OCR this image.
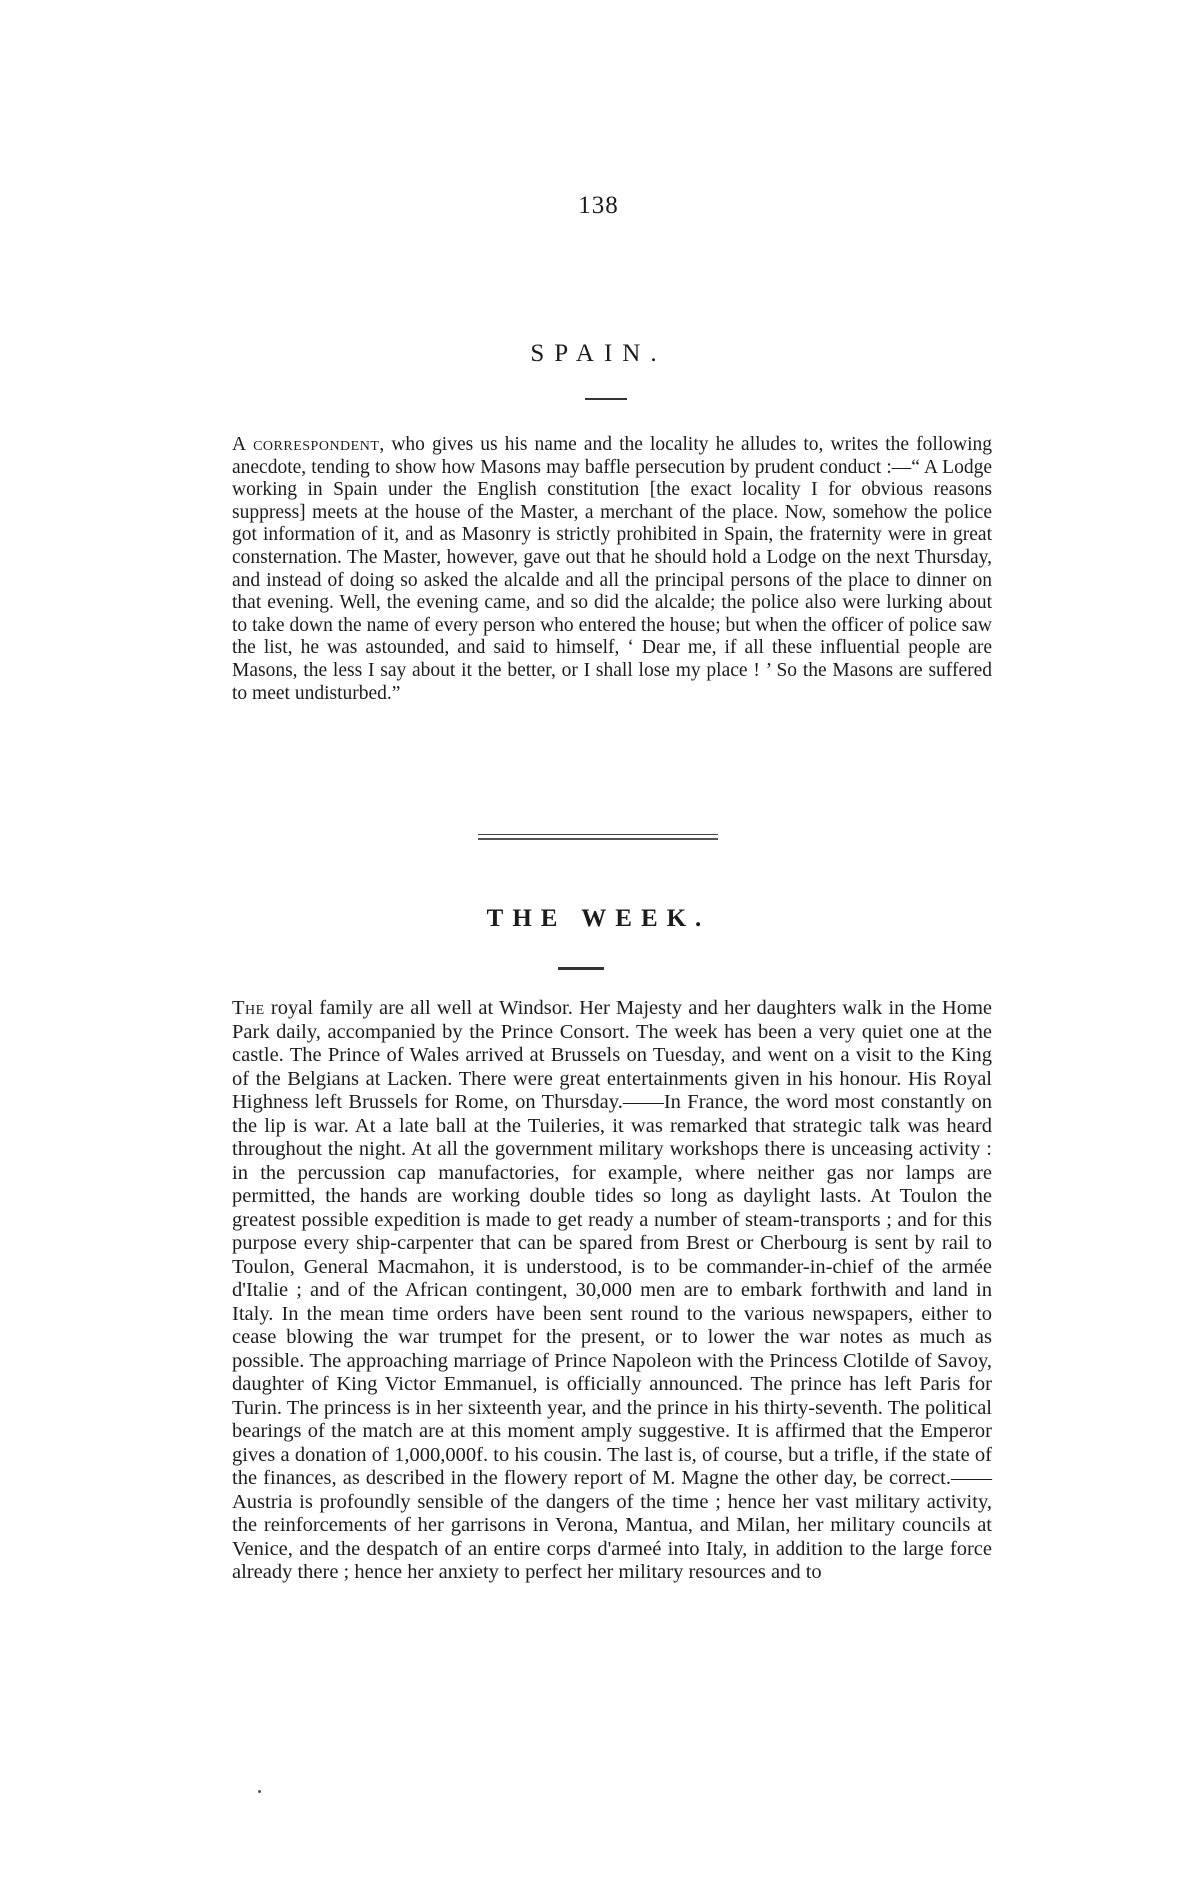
138
SPAIN.
A correspondent, who gives us his name and the locality he alludes to, writes the following anecdote, tending to show how Masons may baffle persecution by prudent conduct :—“ A Lodge working in Spain under the English constitution [the exact locality I for obvious reasons suppress] meets at the house of the Master, a merchant of the place. Now, somehow the police got information of it, and as Masonry is strictly prohibited in Spain, the fraternity were in great consternation. The Master, however, gave out that he should hold a Lodge on the next Thursday, and instead of doing so asked the alcalde and all the principal persons of the place to dinner on that evening. Well, the evening came, and so did the alcalde; the police also were lurking about to take down the name of every person who entered the house; but when the officer of police saw the list, he was astounded, and said to himself, ‘ Dear me, if all these influential people are Masons, the less I say about it the better, or I shall lose my place ! ’ So the Masons are suffered to meet undisturbed.”
THE WEEK.
The royal family are all well at Windsor. Her Majesty and her daughters walk in the Home Park daily, accompanied by the Prince Consort. The week has been a very quiet one at the castle. The Prince of Wales arrived at Brussels on Tuesday, and went on a visit to the King of the Belgians at Lacken. There were great entertainments given in his honour. His Royal Highness left Brussels for Rome, on Thursday.——In France, the word most constantly on the lip is war. At a late ball at the Tuileries, it was remarked that strategic talk was heard throughout the night. At all the government military workshops there is unceasing activity : in the percussion cap manufactories, for example, where neither gas nor lamps are permitted, the hands are working double tides so long as daylight lasts. At Toulon the greatest possible expedition is made to get ready a number of steam-transports ; and for this purpose every ship-carpenter that can be spared from Brest or Cherbourg is sent by rail to Toulon, General Macmahon, it is understood, is to be commander-in-chief of the armée d'Italie ; and of the African contingent, 30,000 men are to embark forthwith and land in Italy. In the mean time orders have been sent round to the various newspapers, either to cease blowing the war trumpet for the present, or to lower the war notes as much as possible. The approaching marriage of Prince Napoleon with the Princess Clotilde of Savoy, daughter of King Victor Emmanuel, is officially announced. The prince has left Paris for Turin. The princess is in her sixteenth year, and the prince in his thirty-seventh. The political bearings of the match are at this moment amply suggestive. It is affirmed that the Emperor gives a donation of 1,000,000f. to his cousin. The last is, of course, but a trifle, if the state of the finances, as described in the flowery report of M. Magne the other day, be correct.——Austria is profoundly sensible of the dangers of the time ; hence her vast military activity, the reinforcements of her garrisons in Verona, Mantua, and Milan, her military councils at Venice, and the despatch of an entire corps d'armeé into Italy, in addition to the large force already there ; hence her anxiety to perfect her military resources and to
